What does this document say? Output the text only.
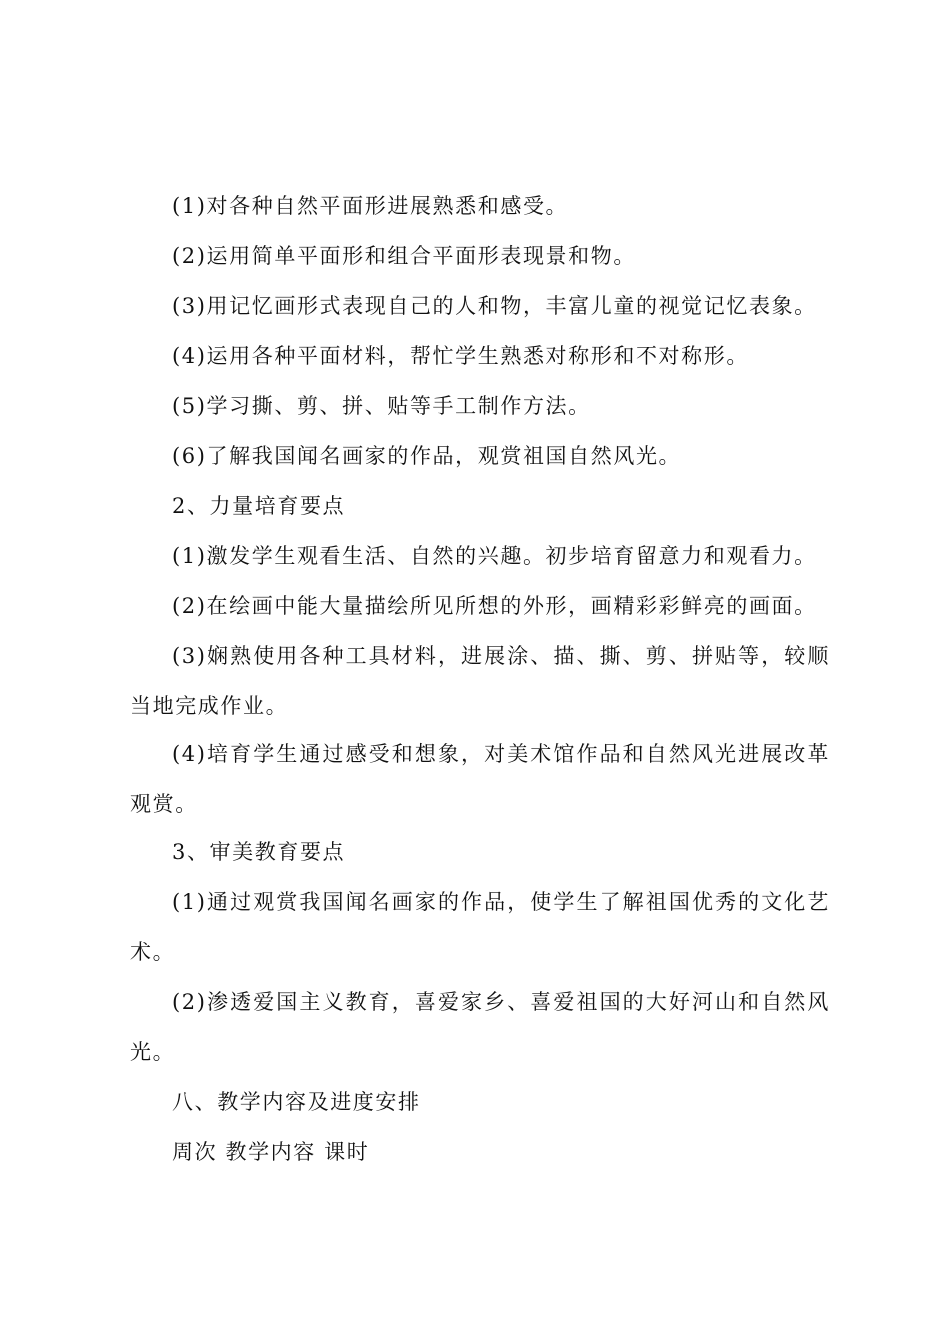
(1)对各种自然平面形进展熟悉和感受。

(2)运用简单平面形和组合平面形表现景和物。

(3)用记忆画形式表现自己的人和物，丰富儿童的视觉记忆表象。

(4)运用各种平面材料，帮忙学生熟悉对称形和不对称形。

(5)学习撕、剪、拼、贴等手工制作方法。

(6)了解我国闻名画家的作品，观赏祖国自然风光。

2、力量培育要点

(1)激发学生观看生活、自然的兴趣。初步培育留意力和观看力。

(2)在绘画中能大量描绘所见所想的外形，画精彩彩鲜亮的画面。

(3)娴熟使用各种工具材料，进展涂、描、撕、剪、拼贴等，较顺当地完成作业。

(4)培育学生通过感受和想象，对美术馆作品和自然风光进展改革观赏。

3、审美教育要点

(1)通过观赏我国闻名画家的作品，使学生了解祖国优秀的文化艺术。

(2)渗透爱国主义教育，喜爱家乡、喜爱祖国的大好河山和自然风光。

八、教学内容及进度安排

周次 教学内容 课时
